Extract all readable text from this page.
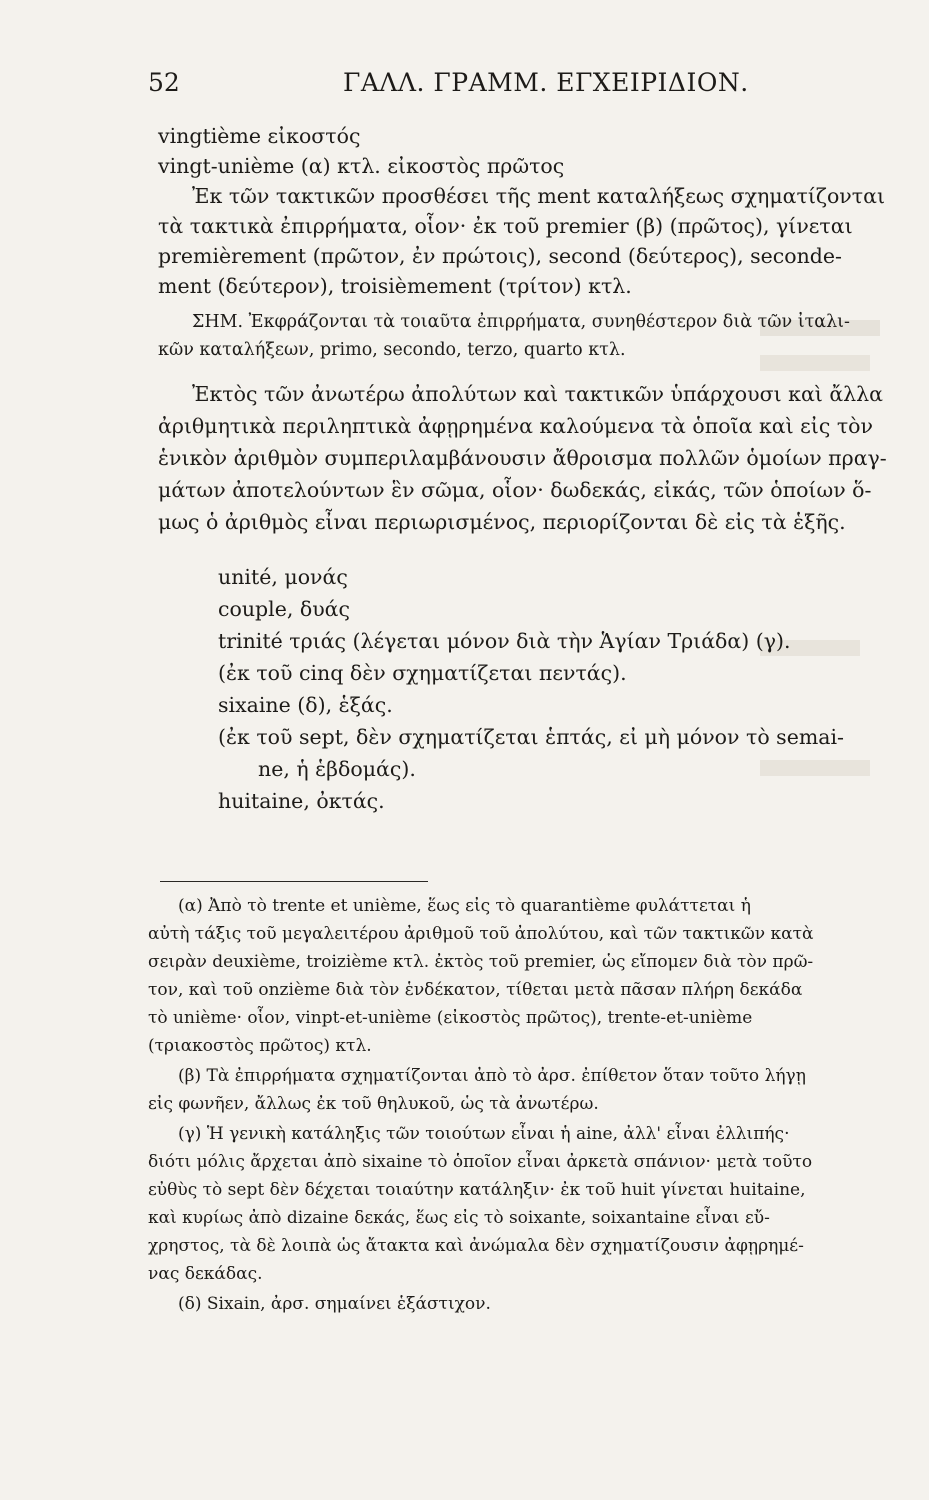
52	ΓΑΛΛ. ΓΡΑΜΜ. ΕΓΧΕΙΡΙΔΙΟΝ.
vingtième εἰκοστός
vingt-unième (α) κτλ. εἰκοστὸς πρῶτος
Ἐκ τῶν τακτικῶν προσθέσει τῆς ment καταλήξεως σχηματίζονται
τὰ τακτικὰ ἐπιρρήματα, οἷον· ἐκ τοῦ premier (β) (πρῶτος), γίνεται
premièrement (πρῶτον, ἐν πρώτοις), second (δεύτερος), seconde-
ment (δεύτερον), troisièmement (τρίτον) κτλ.
ΣΗΜ. Ἐκφράζονται τὰ τοιαῦτα ἐπιρρήματα, συνηθέστερον διὰ τῶν ἰταλι-
κῶν καταλήξεων, primo, secondo, terzo, quarto κτλ.
Ἐκτὸς τῶν ἀνωτέρω ἀπολύτων καὶ τακτικῶν ὑπάρχουσι καὶ ἄλλα
ἀριθμητικὰ περιληπτικὰ ἀφῃρημένα καλούμενα τὰ ὁποῖα καὶ εἰς τὸν
ἑνικὸν ἀριθμὸν συμπεριλαμβάνουσιν ἄθροισμα πολλῶν ὁμοίων πραγ-
μάτων ἀποτελούντων ἓν σῶμα, οἷον· δωδεκάς, εἰκάς, τῶν ὁποίων ὅ-
μως ὁ ἀριθμὸς εἶναι περιωρισμένος, περιορίζονται δὲ εἰς τὰ ἑξῆς.
unité, μονάς
couple, δυάς
trinité τριάς (λέγεται μόνον διὰ τὴν Ἁγίαν Τριάδα) (γ).
(ἐκ τοῦ cinq δὲν σχηματίζεται πεντάς).
sixaine (δ), ἑξάς.
(ἐκ τοῦ sept, δὲν σχηματίζεται ἑπτάς, εἰ μὴ μόνον τὸ semai-
ne, ἡ ἑβδομάς).
huitaine, ὀκτάς.
(α) Ἀπὸ τὸ trente et unième, ἕως εἰς τὸ quarantième φυλάττεται ἡ
αὐτὴ τάξις τοῦ μεγαλειτέρου ἀριθμοῦ τοῦ ἀπολύτου, καὶ τῶν τακτικῶν κατὰ
σειρὰν deuxième, troizième κτλ. ἐκτὸς τοῦ premier, ὡς εἴπομεν διὰ τὸν πρῶ-
τον, καὶ τοῦ onzième διὰ τὸν ἑνδέκατον, τίθεται μετὰ πᾶσαν πλήρη δεκάδα
τὸ unième· οἷον, vinpt-et-unième (εἰκοστὸς πρῶτος), trente-et-unième
(τριακοστὸς πρῶτος) κτλ.
(β) Τὰ ἐπιρρήματα σχηματίζονται ἀπὸ τὸ ἀρσ. ἐπίθετον ὅταν τοῦτο λήγῃ
εἰς φωνῆεν, ἄλλως ἐκ τοῦ θηλυκοῦ, ὡς τὰ ἀνωτέρω.
(γ) Ἡ γενικὴ κατάληξις τῶν τοιούτων εἶναι ἡ aine, ἀλλ' εἶναι ἐλλιπής·
διότι μόλις ἄρχεται ἀπὸ sixaine τὸ ὁποῖον εἶναι ἀρκετὰ σπάνιον· μετὰ τοῦτο
εὐθὺς τὸ sept δὲν δέχεται τοιαύτην κατάληξιν· ἐκ τοῦ huit γίνεται huitaine,
καὶ κυρίως ἀπὸ dizaine δεκάς, ἕως εἰς τὸ soixante, soixantaine εἶναι εὔ-
χρηστος, τὰ δὲ λοιπὰ ὡς ἄτακτα καὶ ἀνώμαλα δὲν σχηματίζουσιν ἀφῃρημέ-
νας δεκάδας.
(δ) Sixain, ἀρσ. σημαίνει ἑξάστιχον.
